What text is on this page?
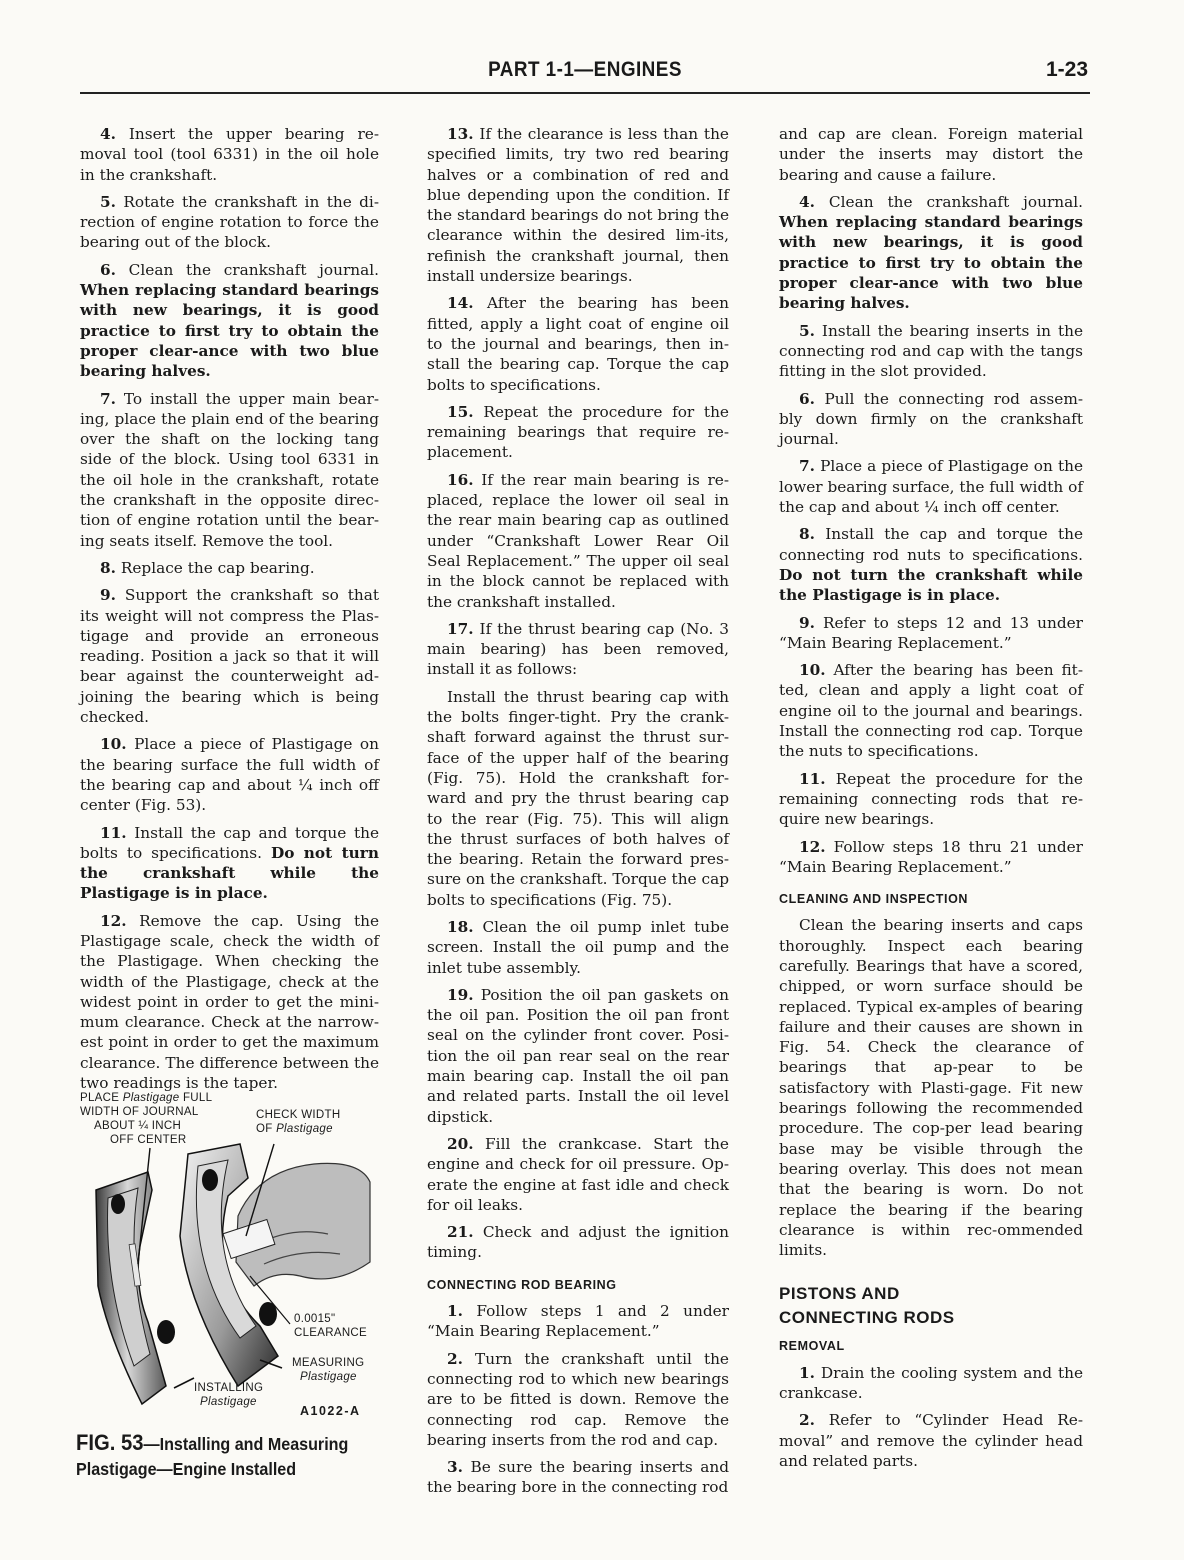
PART 1-1—ENGINES	1-23

4. Insert the upper bearing re-moval tool (tool 6331) in the oil hole in the crankshaft.

5. Rotate the crankshaft in the di-rection of engine rotation to force the bearing out of the block.

6. Clean the crankshaft journal. When replacing standard bearings with new bearings, it is good practice to first try to obtain the proper clear-ance with two blue bearing halves.

7. To install the upper main bear-ing, place the plain end of the bearing over the shaft on the locking tang side of the block. Using tool 6331 in the oil hole in the crankshaft, rotate the crankshaft in the opposite direc-tion of engine rotation until the bear-ing seats itself. Remove the tool.

8. Replace the cap bearing.

9. Support the crankshaft so that its weight will not compress the Plas-tigage and provide an erroneous reading. Position a jack so that it will bear against the counterweight ad-joining the bearing which is being checked.

10. Place a piece of Plastigage on the bearing surface the full width of the bearing cap and about ¼ inch off center (Fig. 53).

11. Install the cap and torque the bolts to specifications. Do not turn the crankshaft while the Plastigage is in place.

12. Remove the cap. Using the Plastigage scale, check the width of the Plastigage. When checking the width of the Plastigage, check at the widest point in order to get the mini-mum clearance. Check at the narrow-est point in order to get the maximum clearance. The difference between the two readings is the taper.

PLACE Plastigage FULL
WIDTH OF JOURNAL
ABOUT ¼ INCH
OFF CENTER
CHECK WIDTH
OF Plastigage
0.0015"
CLEARANCE
MEASURING
Plastigage
INSTALLING
Plastigage
A1022-A
FIG. 53—Installing and Measuring
Plastigage—Engine Installed

13. If the clearance is less than the specified limits, try two red bearing halves or a combination of red and blue depending upon the condition. If the standard bearings do not bring the clearance within the desired lim-its, refinish the crankshaft journal, then install undersize bearings.

14. After the bearing has been fitted, apply a light coat of engine oil to the journal and bearings, then in-stall the bearing cap. Torque the cap bolts to specifications.

15. Repeat the procedure for the remaining bearings that require re-placement.

16. If the rear main bearing is re-placed, replace the lower oil seal in the rear main bearing cap as outlined under “Crankshaft Lower Rear Oil Seal Replacement.” The upper oil seal in the block cannot be replaced with the crankshaft installed.

17. If the thrust bearing cap (No. 3 main bearing) has been removed, install it as follows:

Install the thrust bearing cap with the bolts finger-tight. Pry the crank-shaft forward against the thrust sur-face of the upper half of the bearing (Fig. 75). Hold the crankshaft for-ward and pry the thrust bearing cap to the rear (Fig. 75). This will align the thrust surfaces of both halves of the bearing. Retain the forward pres-sure on the crankshaft. Torque the cap bolts to specifications (Fig. 75).

18. Clean the oil pump inlet tube screen. Install the oil pump and the inlet tube assembly.

19. Position the oil pan gaskets on the oil pan. Position the oil pan front seal on the cylinder front cover. Posi-tion the oil pan rear seal on the rear main bearing cap. Install the oil pan and related parts. Install the oil level dipstick.

20. Fill the crankcase. Start the engine and check for oil pressure. Op-erate the engine at fast idle and check for oil leaks.

21. Check and adjust the ignition timing.

CONNECTING ROD BEARING

1. Follow steps 1 and 2 under “Main Bearing Replacement.”

2. Turn the crankshaft until the connecting rod to which new bearings are to be fitted is down. Remove the connecting rod cap. Remove the bearing inserts from the rod and cap.

3. Be sure the bearing inserts and the bearing bore in the connecting rod

and cap are clean. Foreign material under the inserts may distort the bearing and cause a failure.

4. Clean the crankshaft journal. When replacing standard bearings with new bearings, it is good practice to first try to obtain the proper clear-ance with two blue bearing halves.

5. Install the bearing inserts in the connecting rod and cap with the tangs fitting in the slot provided.

6. Pull the connecting rod assem-bly down firmly on the crankshaft journal.

7. Place a piece of Plastigage on the lower bearing surface, the full width of the cap and about ¼ inch off center.

8. Install the cap and torque the connecting rod nuts to specifications. Do not turn the crankshaft while the Plastigage is in place.

9. Refer to steps 12 and 13 under “Main Bearing Replacement.”

10. After the bearing has been fit-ted, clean and apply a light coat of engine oil to the journal and bearings. Install the connecting rod cap. Torque the nuts to specifications.

11. Repeat the procedure for the remaining connecting rods that re-quire new bearings.

12. Follow steps 18 thru 21 under “Main Bearing Replacement.”

CLEANING AND INSPECTION

Clean the bearing inserts and caps thoroughly. Inspect each bearing carefully. Bearings that have a scored, chipped, or worn surface should be replaced. Typical ex-amples of bearing failure and their causes are shown in Fig. 54. Check the clearance of bearings that ap-pear to be satisfactory with Plasti-gage. Fit new bearings following the recommended procedure. The cop-per lead bearing base may be visible through the bearing overlay. This does not mean that the bearing is worn. Do not replace the bearing if the bearing clearance is within rec-ommended limits.

PISTONS AND
CONNECTING RODS
REMOVAL

1. Drain the cooling system and the crankcase.

2. Refer to “Cylinder Head Re-moval” and remove the cylinder head and related parts.
